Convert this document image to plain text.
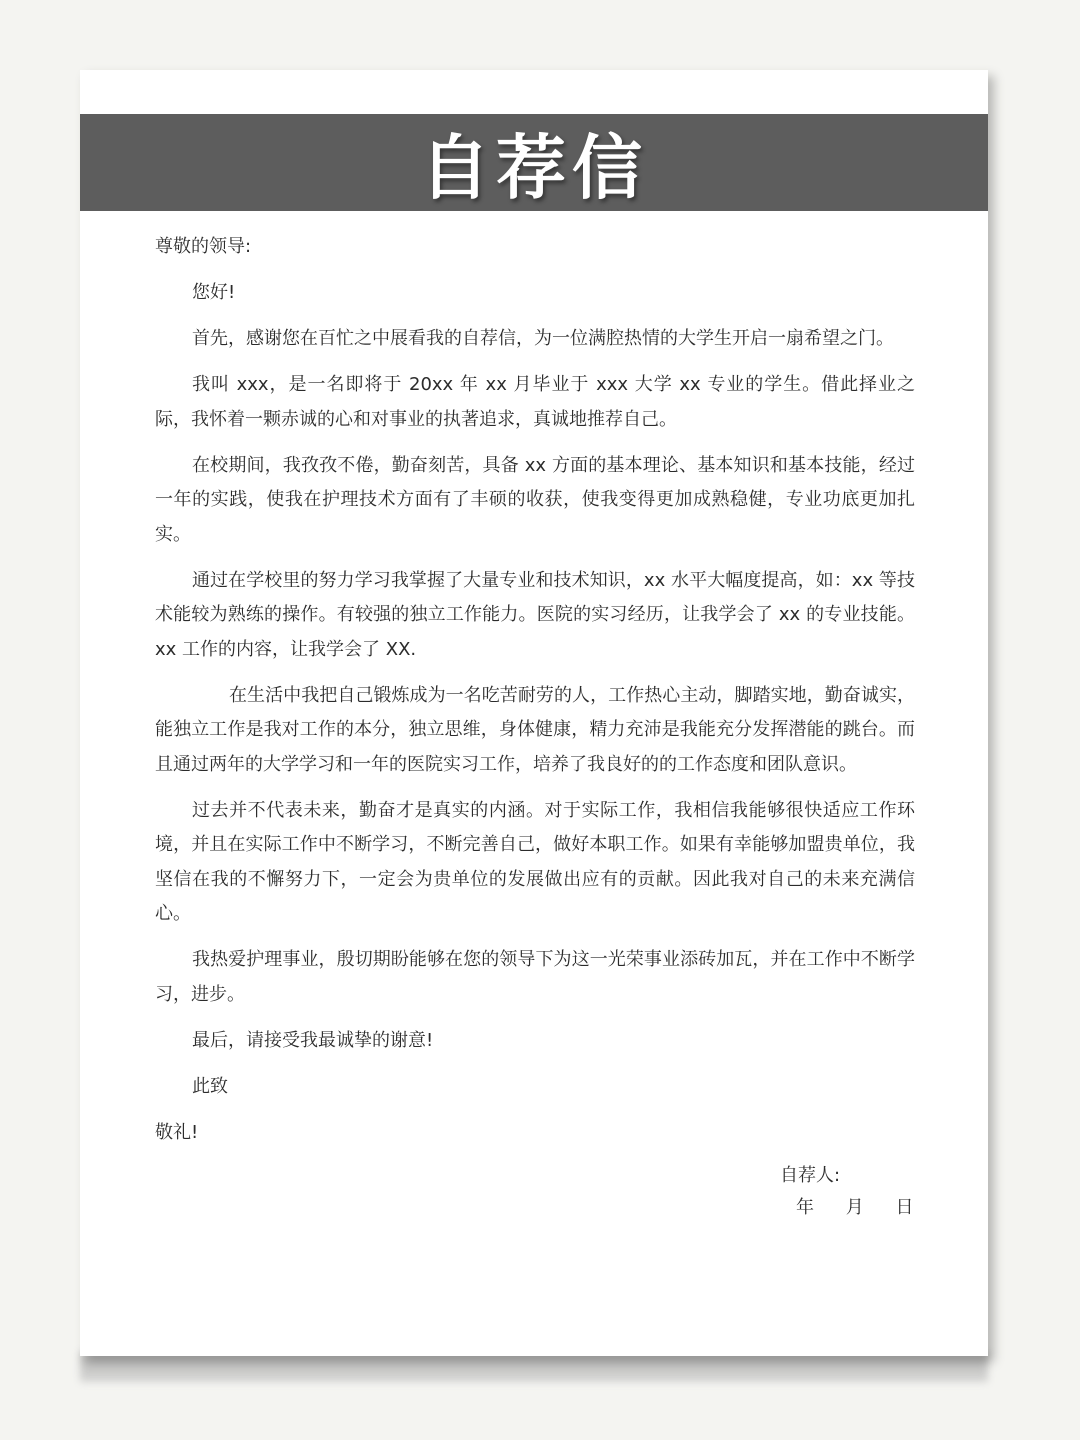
自荐信

尊敬的领导:

您好!

首先，感谢您在百忙之中展看我的自荐信，为一位满腔热情的大学生开启一扇希望之门。

我叫 xxx，是一名即将于 20xx 年 xx 月毕业于 xxx 大学 xx 专业的学生。借此择业之际，我怀着一颗赤诚的心和对事业的执著追求，真诚地推荐自己。

在校期间，我孜孜不倦，勤奋刻苦，具备 xx 方面的基本理论、基本知识和基本技能，经过一年的实践，使我在护理技术方面有了丰硕的收获，使我变得更加成熟稳健，专业功底更加扎实。

通过在学校里的努力学习我掌握了大量专业和技术知识，xx 水平大幅度提高，如：xx 等技术能较为熟练的操作。有较强的独立工作能力。医院的实习经历，让我学会了 xx 的专业技能。xx 工作的内容，让我学会了 XX.

在生活中我把自己锻炼成为一名吃苦耐劳的人，工作热心主动，脚踏实地，勤奋诚实，能独立工作是我对工作的本分，独立思维，身体健康，精力充沛是我能充分发挥潜能的跳台。而且通过两年的大学学习和一年的医院实习工作，培养了我良好的的工作态度和团队意识。

过去并不代表未来，勤奋才是真实的内涵。对于实际工作，我相信我能够很快适应工作环境，并且在实际工作中不断学习，不断完善自己，做好本职工作。如果有幸能够加盟贵单位，我坚信在我的不懈努力下，一定会为贵单位的发展做出应有的贡献。因此我对自己的未来充满信心。

我热爱护理事业，殷切期盼能够在您的领导下为这一光荣事业添砖加瓦，并在工作中不断学习，进步。

最后，请接受我最诚挚的谢意!

此致

敬礼!

自荐人:
年 月 日
